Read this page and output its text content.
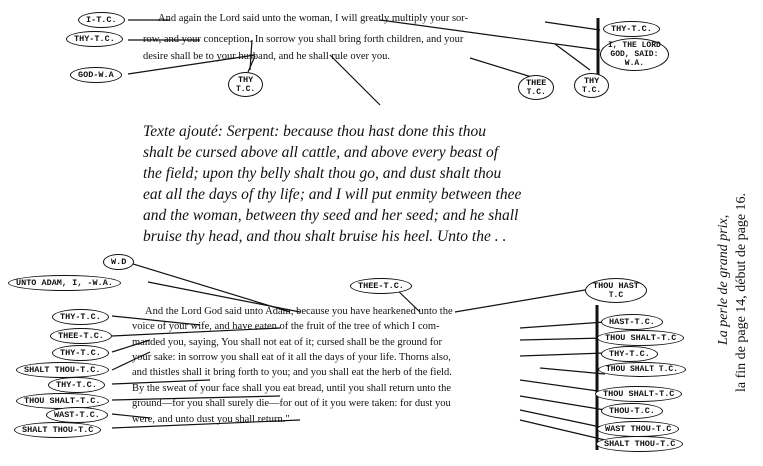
And again the Lord said unto the woman, I will greatly multiply your sor-
row, and your conception. In sorrow you shall bring forth children, and your
desire shall be to your husband, and he shall rule over you.
I-T.C.
THY-T.C.
GOD-W.A	THY
T.C.
THEE
T.C.
THY
T.C.
THY-T.C.
I, THE LORD
GOD, SAID:
W.A.
Texte ajouté: Serpent: because thou hast done this thou
shalt be cursed above all cattle, and above every beast of
the field; upon thy belly shalt thou go, and dust shalt thou
eat all the days of thy life; and I will put enmity between thee
and the woman, between thy seed and her seed; and he shall
bruise thy head, and thou shalt bruise his heel. Unto the . .
And the Lord God said unto Adam, because you have hearkened unto the
voice of your wife, and have eaten of the fruit of the tree of which I com-
manded you, saying, You shall not eat of it; cursed shall be the ground for
your sake: in sorrow you shall eat of it all the days of your life. Thorns also,
and thistles shall it bring forth to you; and you shall eat the herb of the field.
By the sweat of your face shall you eat bread, until you shall return unto the
ground—for you shall surely die—for out of it you were taken: for dust you
were, and unto dust you shall return."
W.D
UNTO ADAM, I, -W.A.	THEE-T.C.	THOU HAST
T.C
THY-T.C.
THEE-T.C.
THY-T.C.
SHALT THOU-T.C.
THY-T.C.
THOU SHALT-T.C.
WAST-T.C.
SHALT THOU-T.C
HAST-T.C.
THOU SHALT-T.C
THY-T.C.
THOU SHALT T.C.
THOU SHALT-T.C
THOU-T.C.
WAST THOU-T.C
SHALT THOU-T.C
La perle de grand prix, la fin de page 14, début de page 16.
